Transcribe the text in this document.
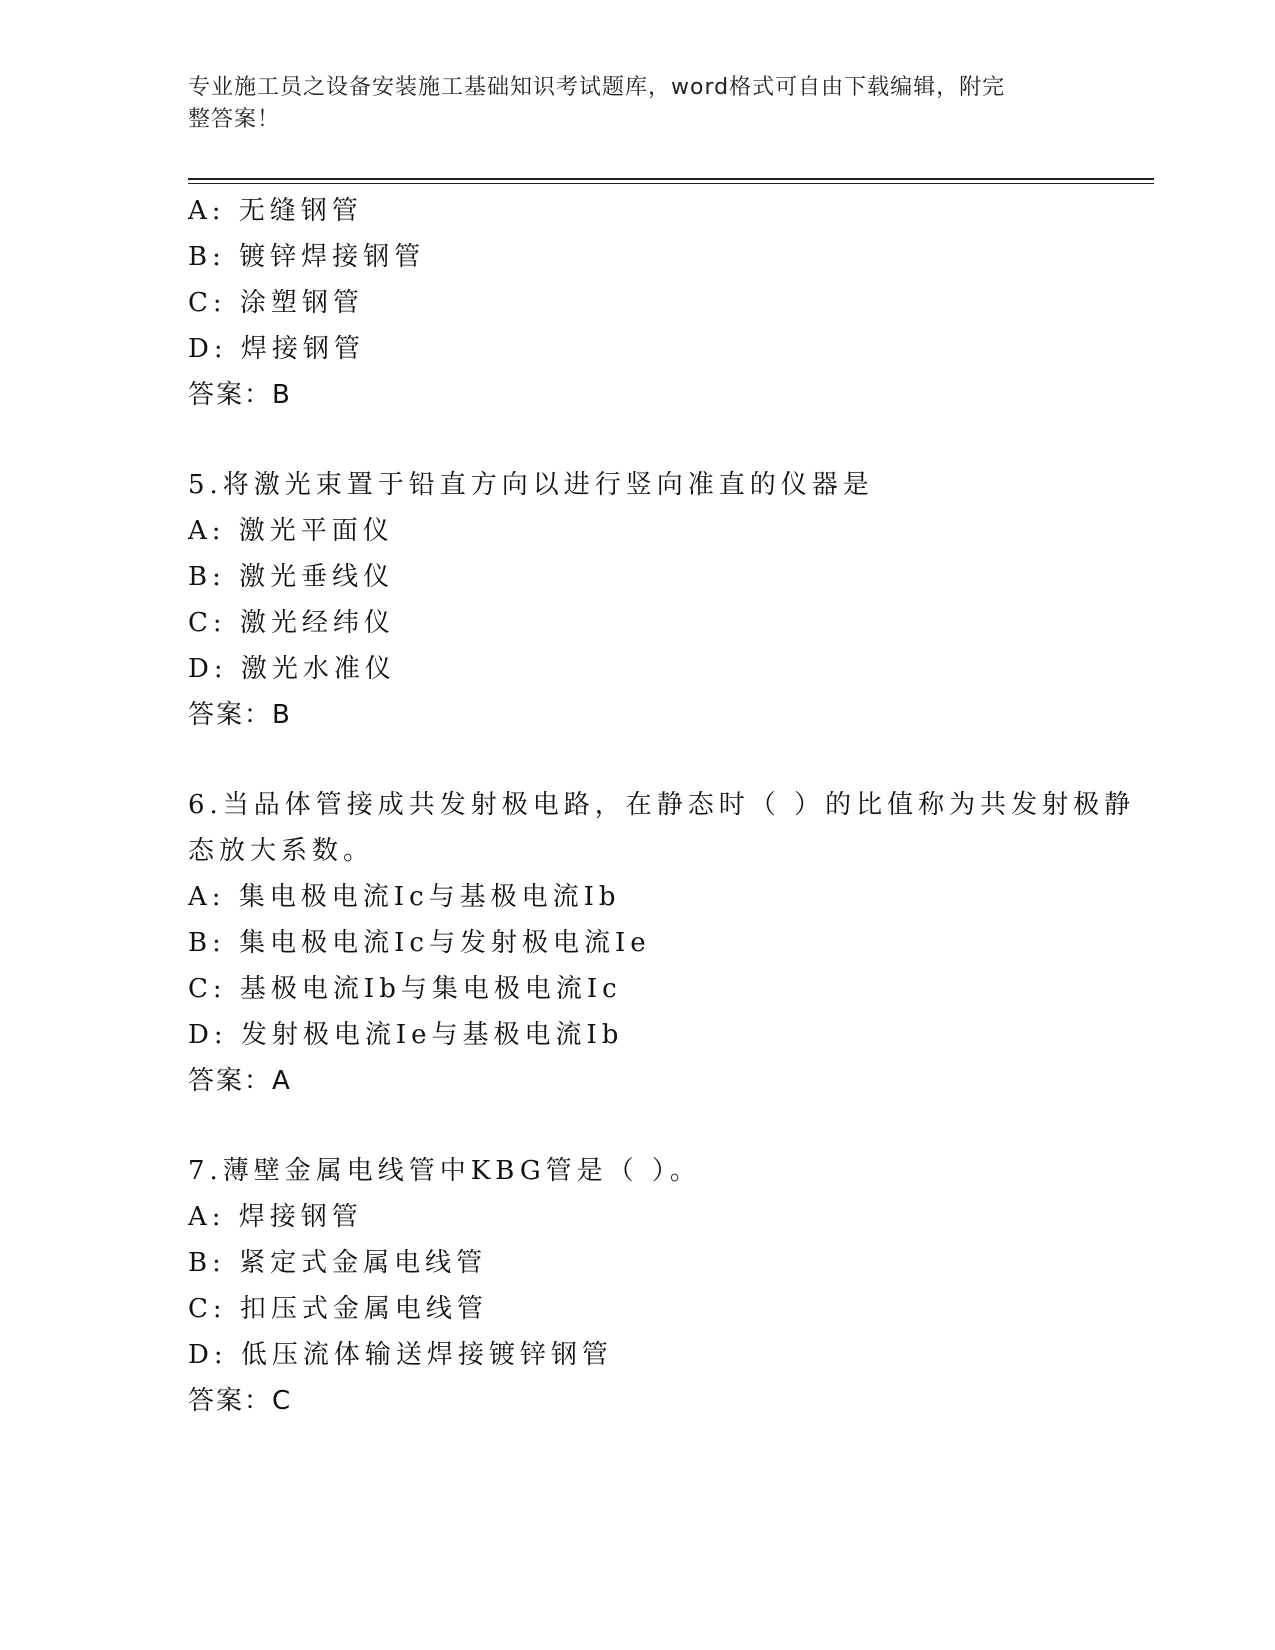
专业施工员之设备安装施工基础知识考试题库，word格式可自由下载编辑，附完
整答案！
A: 无缝钢管
B: 镀锌焊接钢管
C: 涂塑钢管
D: 焊接钢管
答案：B
5.将激光束置于铅直方向以进行竖向准直的仪器是
A: 激光平面仪
B: 激光垂线仪
C: 激光经纬仪
D: 激光水准仪
答案：B
6.当品体管接成共发射极电路，在静态时（ ）的比值称为共发射极静
态放大系数。
A: 集电极电流Ic与基极电流Ib
B: 集电极电流Ic与发射极电流Ie
C: 基极电流Ib与集电极电流Ic
D: 发射极电流Ie与基极电流Ib
答案：A
7.薄壁金属电线管中KBG管是（ ）。
A: 焊接钢管
B: 紧定式金属电线管
C: 扣压式金属电线管
D: 低压流体输送焊接镀锌钢管
答案：C
